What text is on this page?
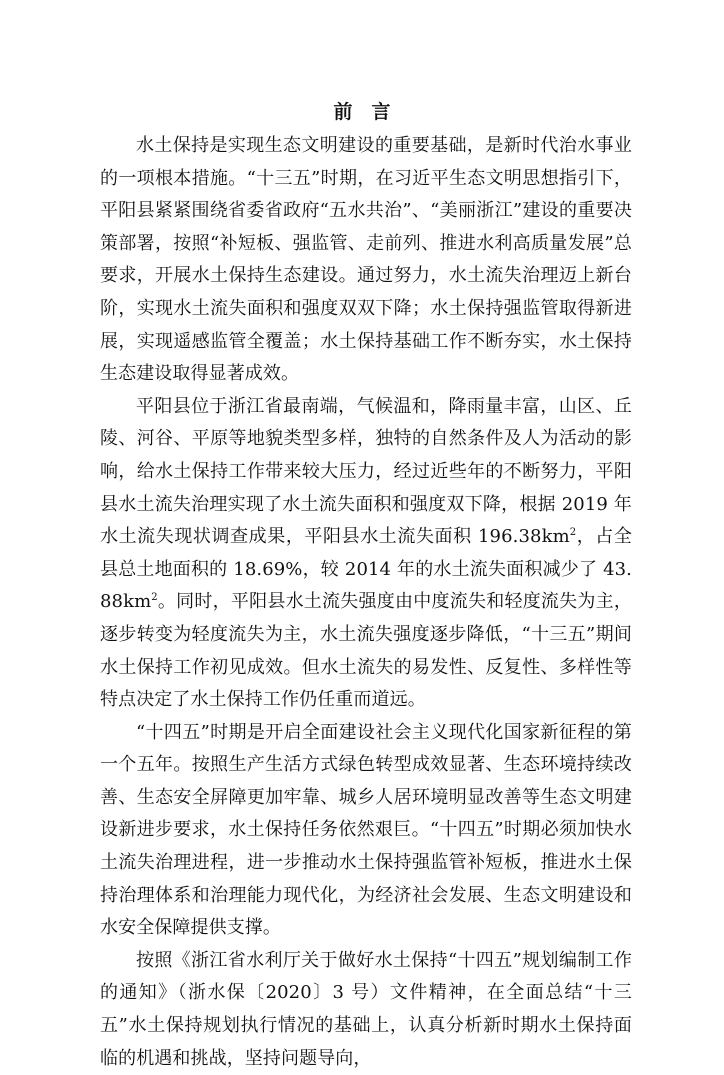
前　言

水土保持是实现生态文明建设的重要基础，是新时代治水事业的一项根本措施。“十三五”时期，在习近平生态文明思想指引下，平阳县紧紧围绕省委省政府“五水共治”、“美丽浙江”建设的重要决策部署，按照“补短板、强监管、走前列、推进水利高质量发展”总要求，开展水土保持生态建设。通过努力，水土流失治理迈上新台阶，实现水土流失面积和强度双双下降；水土保持强监管取得新进展，实现遥感监管全覆盖；水土保持基础工作不断夯实，水土保持生态建设取得显著成效。

平阳县位于浙江省最南端，气候温和，降雨量丰富，山区、丘陵、河谷、平原等地貌类型多样，独特的自然条件及人为活动的影响，给水土保持工作带来较大压力，经过近些年的不断努力，平阳县水土流失治理实现了水土流失面积和强度双下降，根据 2019 年水土流失现状调查成果，平阳县水土流失面积 $196.38km^2$，占全县总土地面积的 18.69%，较 2014 年的水土流失面积减少了 $43.88km^2$。同时，平阳县水土流失强度由中度流失和轻度流失为主，逐步转变为轻度流失为主，水土流失强度逐步降低，“十三五”期间水土保持工作初见成效。但水土流失的易发性、反复性、多样性等特点决定了水土保持工作仍任重而道远。

“十四五”时期是开启全面建设社会主义现代化国家新征程的第一个五年。按照生产生活方式绿色转型成效显著、生态环境持续改善、生态安全屏障更加牢靠、城乡人居环境明显改善等生态文明建设新进步要求，水土保持任务依然艰巨。“十四五”时期必须加快水土流失治理进程，进一步推动水土保持强监管补短板，推进水土保持治理体系和治理能力现代化，为经济社会发展、生态文明建设和水安全保障提供支撑。

按照《浙江省水利厅关于做好水土保持“十四五”规划编制工作的通知》（浙水保〔2020〕3 号）文件精神，在全面总结“十三五”水土保持规划执行情况的基础上，认真分析新时期水土保持面临的机遇和挑战，坚持问题导向，
